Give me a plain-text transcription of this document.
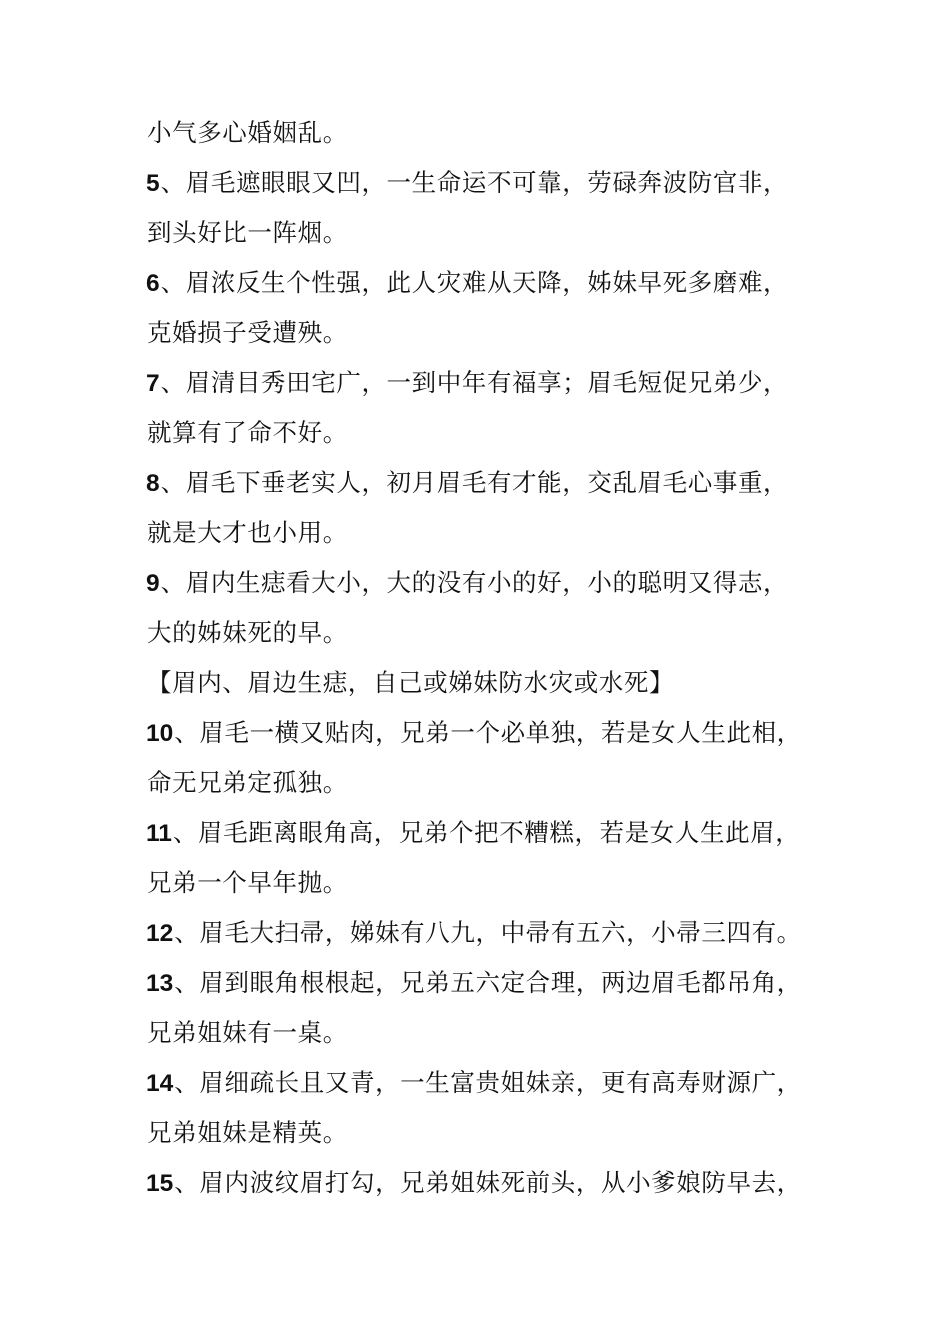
小气多心婚姻乱。
5、眉毛遮眼眼又凹，一生命运不可靠，劳碌奔波防官非，
到头好比一阵烟。
6、眉浓反生个性强，此人灾难从天降，姊妹早死多磨难，
克婚损子受遭殃。
7、眉清目秀田宅广，一到中年有福享；眉毛短促兄弟少，
就算有了命不好。
8、眉毛下垂老实人，初月眉毛有才能，交乱眉毛心事重，
就是大才也小用。
9、眉内生痣看大小，大的没有小的好，小的聪明又得志，
大的姊妹死的早。
【眉内、眉边生痣，自己或娣妹防水灾或水死】
10、眉毛一横又贴肉，兄弟一个必单独，若是女人生此相，
命无兄弟定孤独。
11、眉毛距离眼角高，兄弟个把不糟糕，若是女人生此眉，
兄弟一个早年抛。
12、眉毛大扫帚，娣妹有八九，中帚有五六，小帚三四有。
13、眉到眼角根根起，兄弟五六定合理，两边眉毛都吊角，
兄弟姐妹有一桌。
14、眉细疏长且又青，一生富贵姐妹亲，更有高寿财源广，
兄弟姐妹是精英。
15、眉内波纹眉打勾，兄弟姐妹死前头，从小爹娘防早去，
